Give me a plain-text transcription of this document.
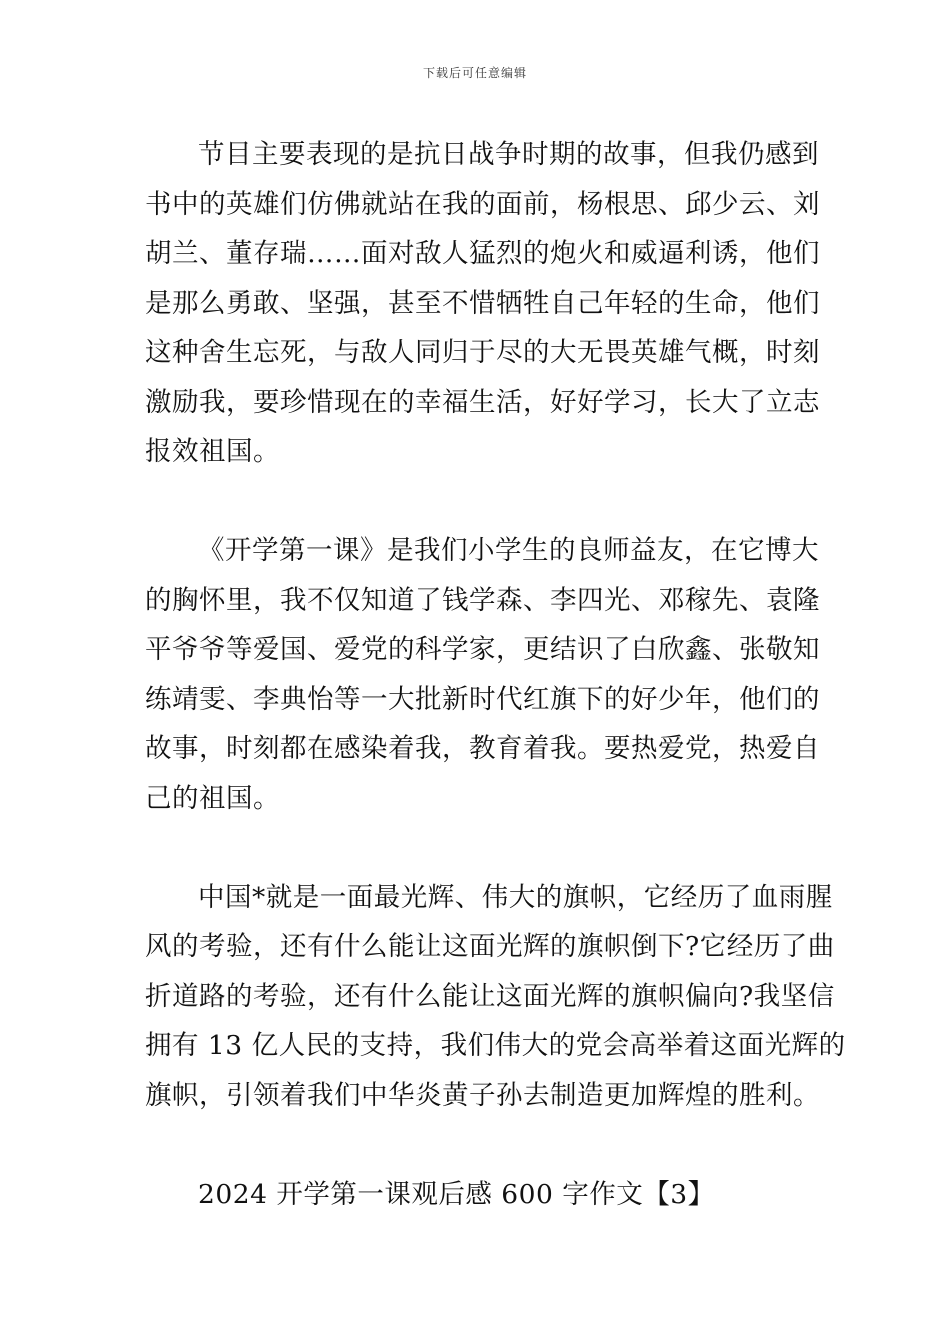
下载后可任意编辑
节目主要表现的是抗日战争时期的故事，但我仍感到
书中的英雄们仿佛就站在我的面前，杨根思、邱少云、刘
胡兰、董存瑞……面对敌人猛烈的炮火和威逼利诱，他们
是那么勇敢、坚强，甚至不惜牺牲自己年轻的生命，他们
这种舍生忘死，与敌人同归于尽的大无畏英雄气概，时刻
激励我，要珍惜现在的幸福生活，好好学习，长大了立志
报效祖国。
《开学第一课》是我们小学生的良师益友，在它博大
的胸怀里，我不仅知道了钱学森、李四光、邓稼先、袁隆
平爷爷等爱国、爱党的科学家，更结识了白欣鑫、张敬知
练靖雯、李典怡等一大批新时代红旗下的好少年，他们的
故事，时刻都在感染着我，教育着我。要热爱党，热爱自
己的祖国。
中国*就是一面最光辉、伟大的旗帜，它经历了血雨腥
风的考验，还有什么能让这面光辉的旗帜倒下?它经历了曲
折道路的考验，还有什么能让这面光辉的旗帜偏向?我坚信
拥有 13 亿人民的支持，我们伟大的党会高举着这面光辉的
旗帜，引领着我们中华炎黄子孙去制造更加辉煌的胜利。
2024 开学第一课观后感 600 字作文【3】
